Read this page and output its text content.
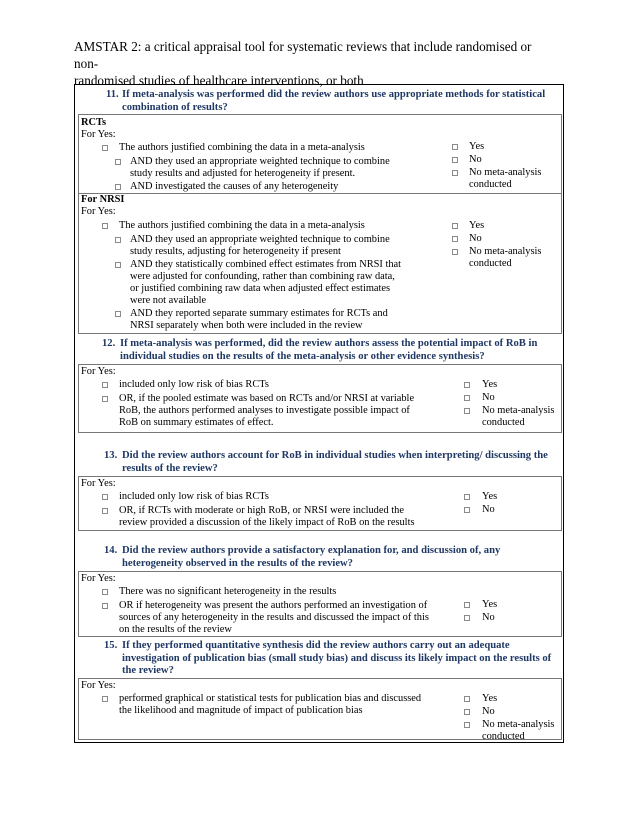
AMSTAR 2: a critical appraisal tool for systematic reviews that include randomised or non-
randomised studies of healthcare interventions, or both
11. If meta-analysis was performed did the review authors use appropriate methods for statistical
combination of results?
RCTs
For Yes:
The authors justified combining the data in a meta-analysis
AND they used an appropriate weighted technique to combine
study results and adjusted for heterogeneity if present.
AND investigated the causes of any heterogeneity
Yes
No
No meta-analysis
conducted
For NRSI
For Yes:
The authors justified combining the data in a meta-analysis
AND they used an appropriate weighted technique to combine
study results, adjusting for heterogeneity if present
AND they statistically combined effect estimates from NRSI that
were adjusted for confounding, rather than combining raw data,
or justified combining raw data when adjusted effect estimates
were not available
AND they reported separate summary estimates for RCTs and
NRSI separately when both were included in the review
Yes
No
No meta-analysis
conducted
12. If meta-analysis was performed, did the review authors assess the potential impact of RoB in
individual studies on the results of the meta-analysis or other evidence synthesis?
For Yes:
included only low risk of bias RCTs
OR, if the pooled estimate was based on RCTs and/or NRSI at variable
RoB, the authors performed analyses to investigate possible impact of
RoB on summary estimates of effect.
Yes
No
No meta-analysis
conducted
13. Did the review authors account for RoB in individual studies when interpreting/ discussing the
results of the review?
For Yes:
included only low risk of bias RCTs
OR, if RCTs with moderate or high RoB, or NRSI were included the
review provided a discussion of the likely impact of RoB on the results
Yes
No
14. Did the review authors provide a satisfactory explanation for, and discussion of, any
heterogeneity observed in the results of the review?
For Yes:
There was no significant heterogeneity in the results
OR if heterogeneity was present the authors performed an investigation of
sources of any heterogeneity in the results and discussed the impact of this
on the results of the review
Yes
No
15. If they performed quantitative synthesis did the review authors carry out an adequate
investigation of publication bias (small study bias) and discuss its likely impact on the results of
the review?
For Yes:
performed graphical or statistical tests for publication bias and discussed
the likelihood and magnitude of impact of publication bias
Yes
No
No meta-analysis
conducted
